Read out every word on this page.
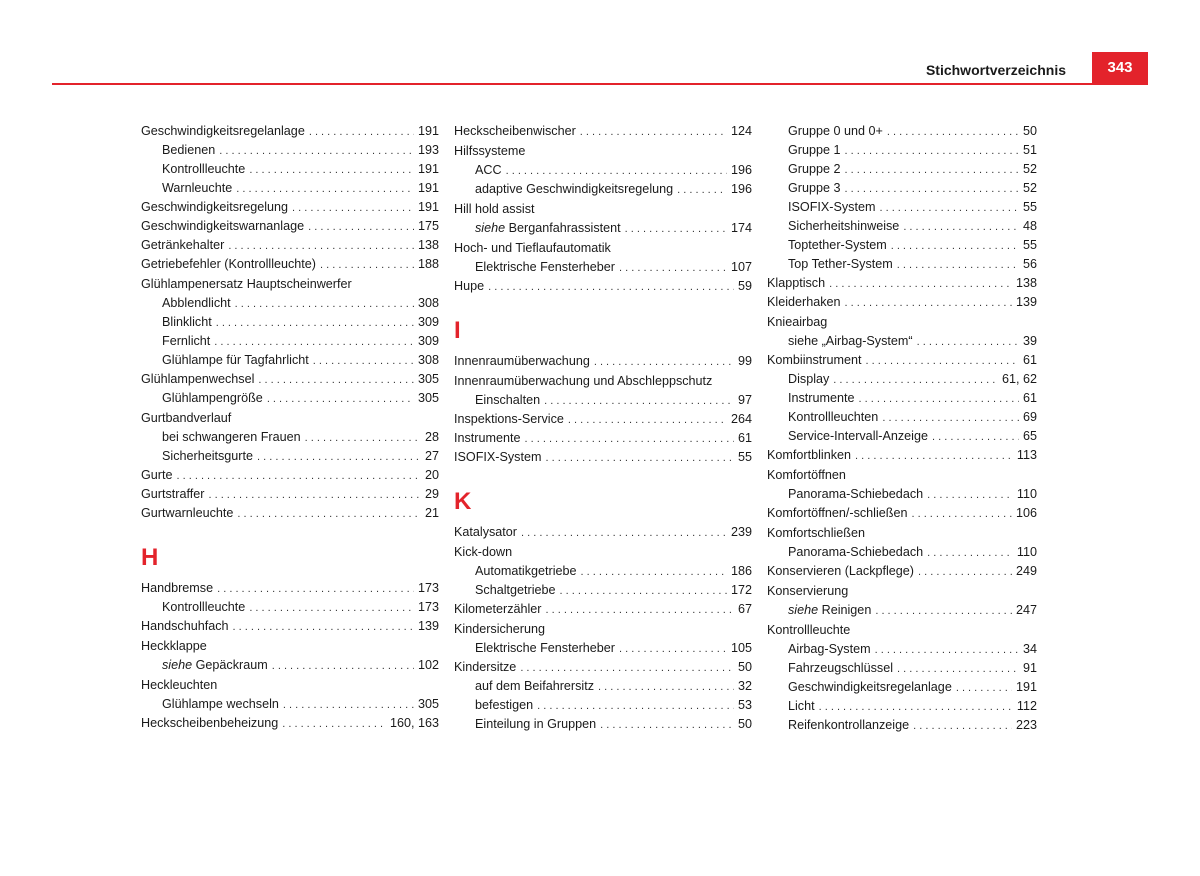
Stichwortverzeichnis	343
Geschwindigkeitsregelanlage . . .	191
Bedienen . . .	193
Kontrollleuchte . . .	191
Warnleuchte . . .	191
Geschwindigkeitsregelung . . .	191
Geschwindigkeitswarnanlage . . .	175
Getränkehalter . . .	138
Getriebefehler (Kontrollleuchte) . . .	188
Glühlampenersatz Hauptscheinwerfer
Abblendlicht . . .	308
Blinklicht . . .	309
Fernlicht . . .	309
Glühlampe für Tagfahrlicht . . .	308
Glühlampenwechsel . . .	305
Glühlampengröße . . .	305
Gurtbandverlauf
bei schwangeren Frauen . . .	28
Sicherheitsgurte . . .	27
Gurte . . .	20
Gurtstraffer . . .	29
Gurtwarnleuchte . . .	21
H
Handbremse . . .	173
Kontrollleuchte . . .	173
Handschuhfach . . .	139
Heckklappe
siehe Gepäckraum . . .	102
Heckleuchten
Glühlampe wechseln . . .	305
Heckscheibenbeheizung . . .	160, 163
Heckscheibenwischer . . .	124
Hilfssysteme
ACC . . .	196
adaptive Geschwindigkeitsregelung . . .	196
Hill hold assist
siehe Berganfahrassistent . . .	174
Hoch- und Tieflaufautomatik
Elektrische Fensterheber . . .	107
Hupe . . .	59
I
Innenraumüberwachung . . .	99
Innenraumüberwachung und Abschleppschutz
Einschalten . . .	97
Inspektions-Service . . .	264
Instrumente . . .	61
ISOFIX-System . . .	55
K
Katalysator . . .	239
Kick-down
Automatikgetriebe . . .	186
Schaltgetriebe . . .	172
Kilometerzähler . . .	67
Kindersicherung
Elektrische Fensterheber . . .	105
Kindersitze . . .	50
auf dem Beifahrersitz . . .	32
befestigen . . .	53
Einteilung in Gruppen . . .	50
Gruppe 0 und 0+ . . .	50
Gruppe 1 . . .	51
Gruppe 2 . . .	52
Gruppe 3 . . .	52
ISOFIX-System . . .	55
Sicherheitshinweise . . .	48
Toptether-System . . .	55
Top Tether-System . . .	56
Klapptisch . . .	138
Kleiderhaken . . .	139
Knieairbag
siehe „Airbag-System“ . . .	39
Kombiinstrument . . .	61
Display . . .	61, 62
Instrumente . . .	61
Kontrollleuchten . . .	69
Service-Intervall-Anzeige . . .	65
Komfortblinken . . .	113
Komfortöffnen
Panorama-Schiebedach . . .	110
Komfortöffnen/-schließen . . .	106
Komfortschließen
Panorama-Schiebedach . . .	110
Konservieren (Lackpflege) . . .	249
Konservierung
siehe Reinigen . . .	247
Kontrollleuchte
Airbag-System . . .	34
Fahrzeugschlüssel . . .	91
Geschwindigkeitsregelanlage . . .	191
Licht . . .	112
Reifenkontrollanzeige . . .	223
